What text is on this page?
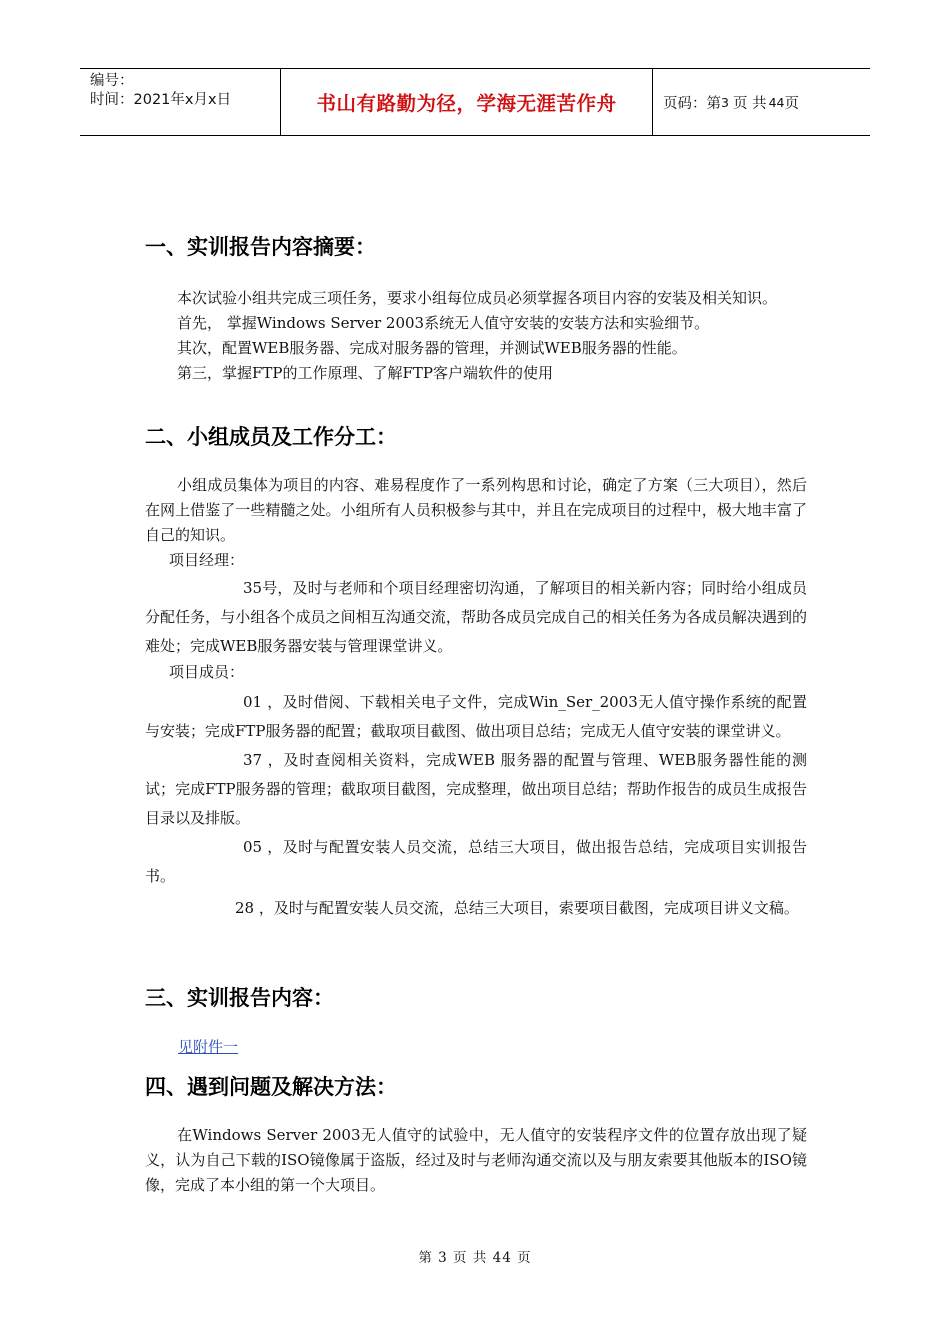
编号：
时间：2021年x月x日	书山有路勤为径，学海无涯苦作舟	页码：第 3 页 共 44 页
一、实训报告内容摘要：

本次试验小组共完成三项任务，要求小组每位成员必须掌握各项目内容的安装及相关知识。

首先， 掌握Windows Server 2003系统无人值守安装的安装方法和实验细节。

其次，配置WEB服务器、完成对服务器的管理，并测试WEB服务器的性能。

第三，掌握FTP的工作原理、了解FTP客户端软件的使用

二、小组成员及工作分工：

小组成员集体为项目的内容、难易程度作了一系列构思和讨论，确定了方案（三大项目），然后在网上借鉴了一些精髓之处。小组所有人员积极参与其中，并且在完成项目的过程中，极大地丰富了自己的知识。

项目经理：

35号，及时与老师和个项目经理密切沟通，了解项目的相关新内容；同时给小组成员分配任务，与小组各个成员之间相互沟通交流，帮助各成员完成自己的相关任务为各成员解决遇到的难处；完成WEB服务器安装与管理课堂讲义。

项目成员：

01 ，及时借阅、下载相关电子文件，完成Win_Ser_2003无人值守操作系统的配置与安装；完成FTP服务器的配置；截取项目截图、做出项目总结；完成无人值守安装的课堂讲义。

37 ，及时查阅相关资料，完成WEB 服务器的配置与管理、WEB服务器性能的测试；完成FTP服务器的管理；截取项目截图，完成整理，做出项目总结；帮助作报告的成员生成报告目录以及排版。

05 ，及时与配置安装人员交流，总结三大项目，做出报告总结，完成项目实训报告书。

28 ，及时与配置安装人员交流，总结三大项目，索要项目截图，完成项目讲义文稿。

三、实训报告内容：
见附件一
四、遇到问题及解决方法：

在Windows Server 2003无人值守的试验中，无人值守的安装程序文件的位置存放出现了疑义，认为自己下载的ISO镜像属于盗版，经过及时与老师沟通交流以及与朋友索要其他版本的ISO镜像，完成了本小组的第一个大项目。

第 3 页 共 44 页
